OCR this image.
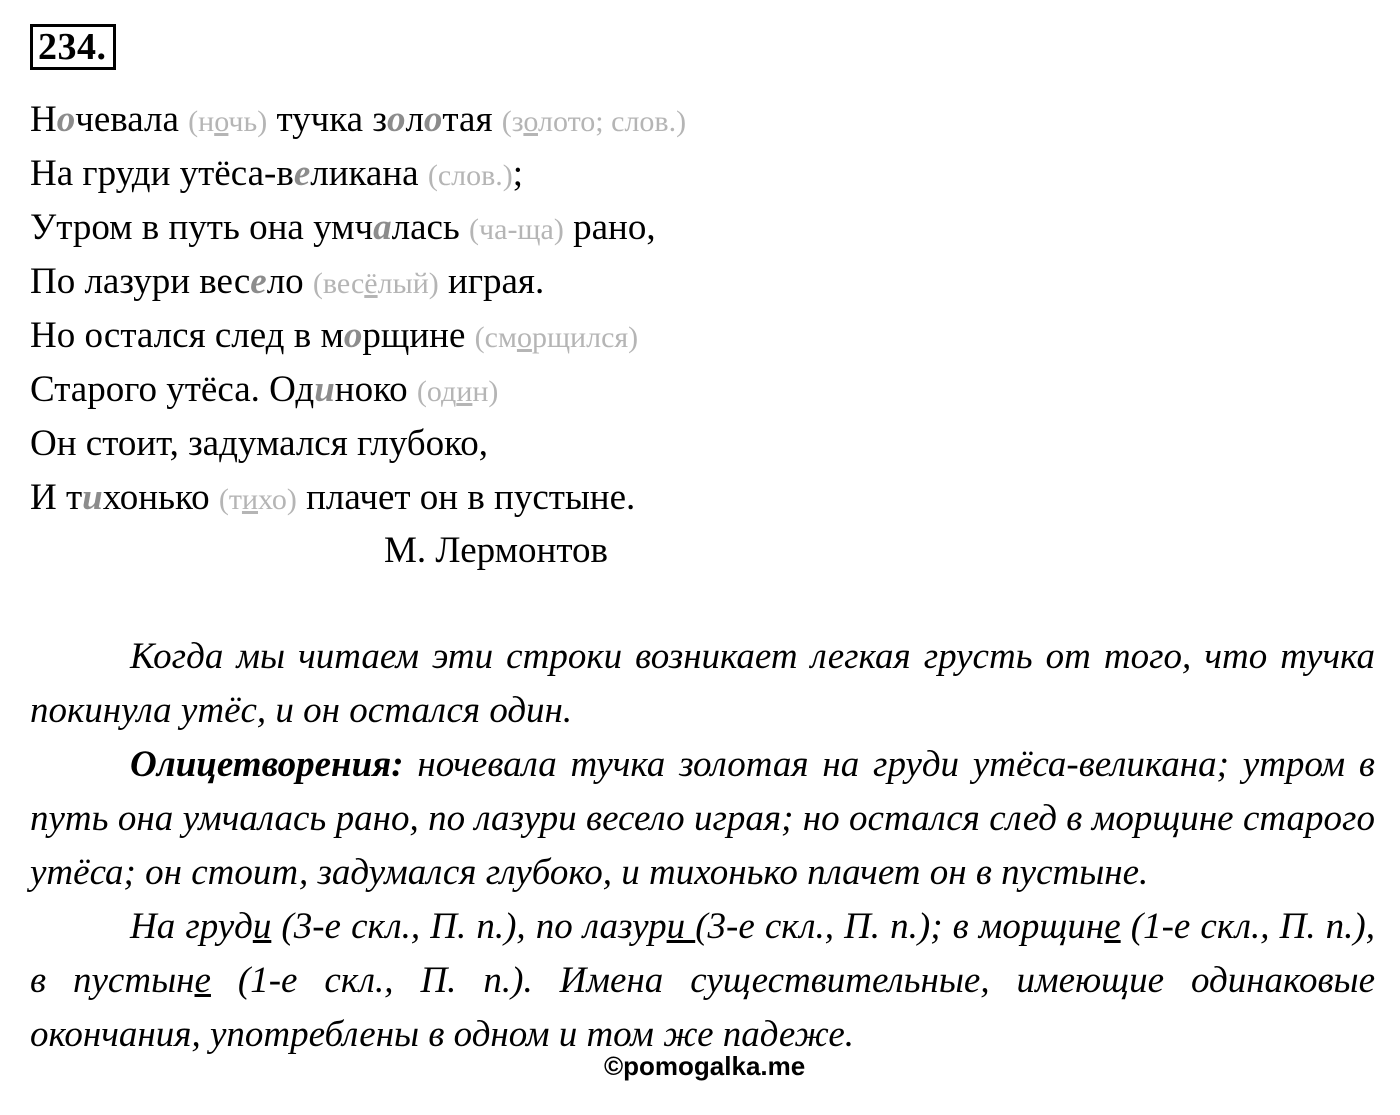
234.
Ночевала (ночь) тучка золотая (золото; слов.)
На груди утёса-великана (слов.);
Утром в путь она умчалась (ча-ща) рано,
По лазури весело (весёлый) играя.
Но остался след в морщине (сморщился)
Старого утёса. Одиноко (один)
Он стоит, задумался глубоко,
И тихонько (тихо) плачет он в пустыне.
М. Лермонтов

Когда мы читаем эти строки возникает легкая грусть от того, что тучка покинула утёс, и он остался один.

Олицетворения: ночевала тучка золотая на груди утёса-великана; утром в путь она умчалась рано, по лазури весело играя; но остался след в морщине старого утёса; он стоит, задумался глубоко, и тихонько плачет он в пустыне.

На груди (3-е скл., П. п.), по лазури (3-е скл., П. п.); в морщине (1-е скл., П. п.), в пустыне (1-е скл., П. п.). Имена существительные, имеющие одинаковые окончания, употреблены в одном и том же падеже.

©pomogalka.me
